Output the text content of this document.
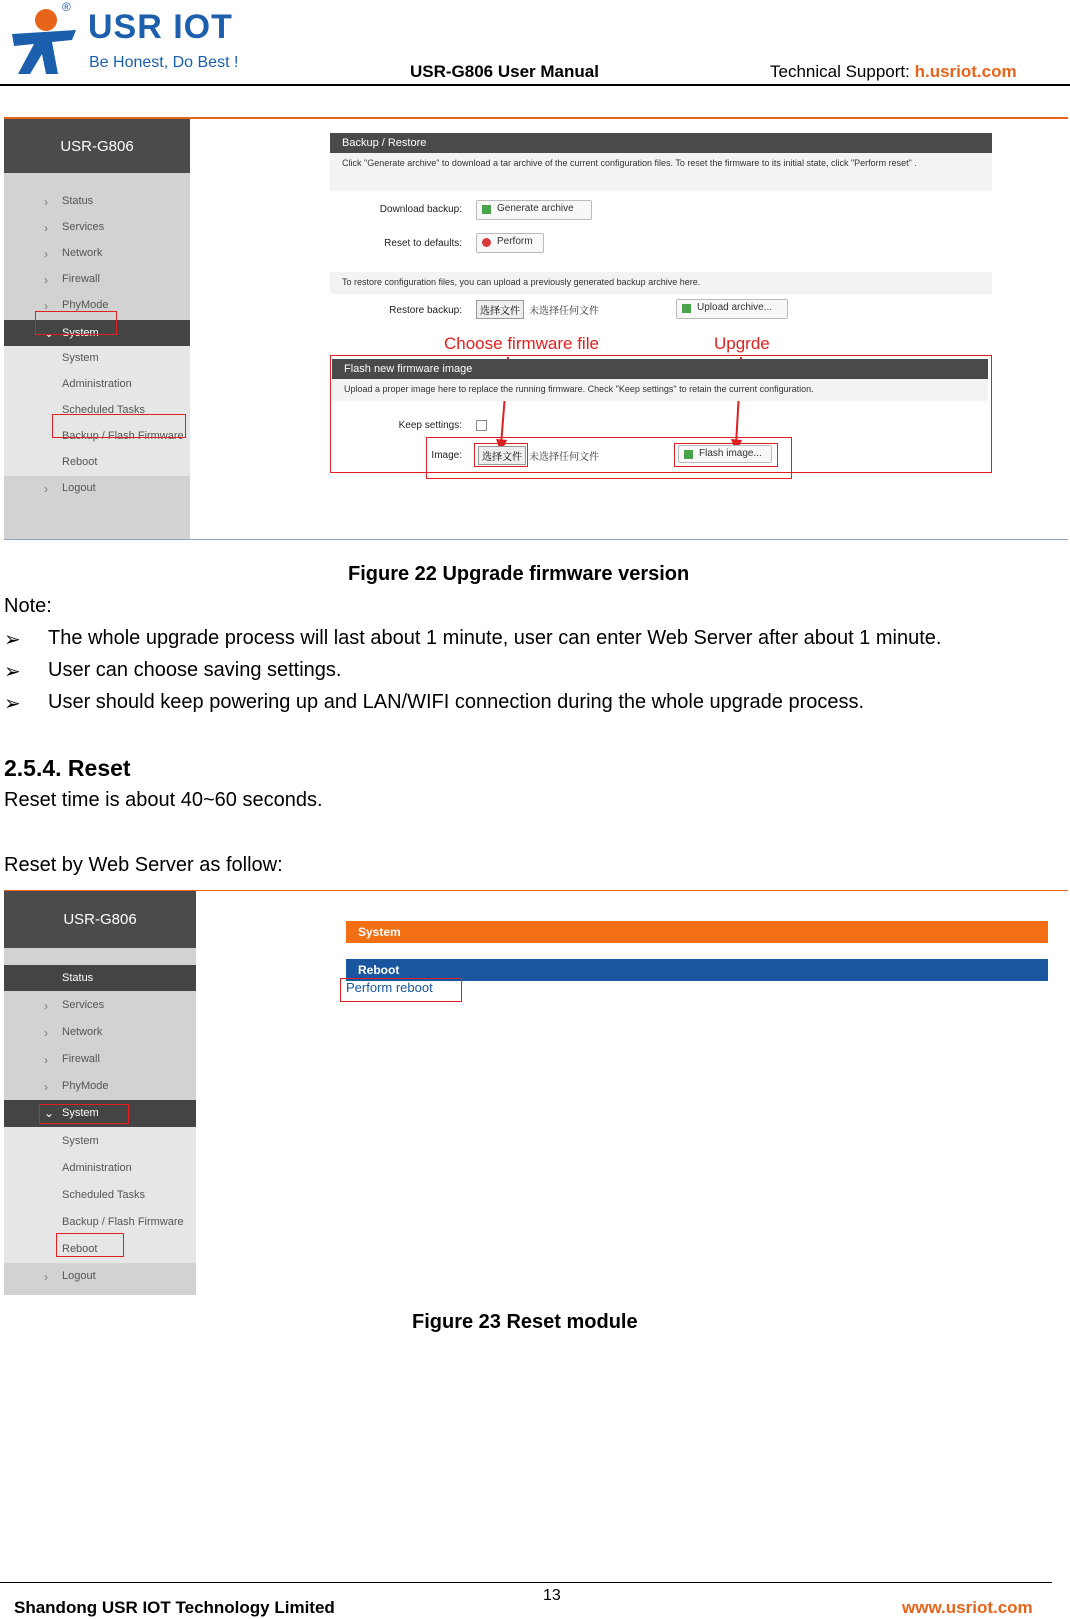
USR IOT
®
Be Honest, Do Best !	USR-G806 User Manual	Technical Support: h.usriot.com
USR-G806
› Status
› Services
› Network
› Firewall
› PhyMode
⌄ System
System
Administration
Scheduled Tasks
Backup / Flash Firmware
Reboot
› Logout
Backup / Restore
Click "Generate archive" to download a tar archive of the current configuration files. To reset the firmware to its initial state, click "Perform reset" .
Download backup:	Generate archive
Reset to defaults:	Perform
To restore configuration files, you can upload a previously generated backup archive here.
Restore backup:	选择文件 未选择任何文件	Upload archive...
Choose firmware file	Upgrde
Flash new firmware image
Upload a proper image here to replace the running firmware. Check "Keep settings" to retain the current configuration.
Keep settings:
Image:	选择文件 未选择任何文件	Flash image...
Figure 22 Upgrade firmware version
Note:
➢ The whole upgrade process will last about 1 minute, user can enter Web Server after about 1 minute.
➢ User can choose saving settings.
➢ User should keep powering up and LAN/WIFI connection during the whole upgrade process.
2.5.4. Reset
Reset time is about 40~60 seconds.
Reset by Web Server as follow:
USR-G806
Status
› Services
› Network
› Firewall
› PhyMode
⌄ System
System
Administration
Scheduled Tasks
Backup / Flash Firmware
Reboot
› Logout
System
Reboot
Perform reboot
Figure 23 Reset module
13
Shandong USR IOT Technology Limited	www.usriot.com
